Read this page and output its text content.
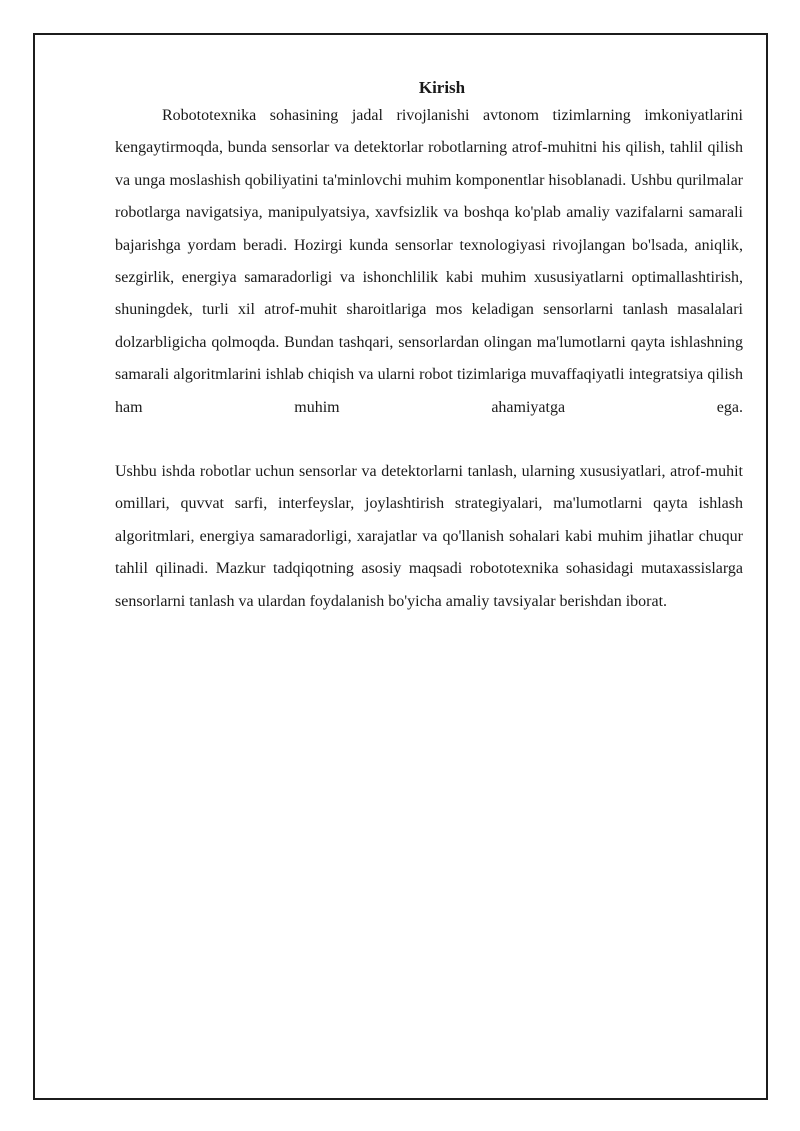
Kirish

Robototexnika sohasining jadal rivojlanishi avtonom tizimlarning imkoniyatlarini kengaytirmoqda, bunda sensorlar va detektorlar robotlarning atrof-muhitni his qilish, tahlil qilish va unga moslashish qobiliyatini ta'minlovchi muhim komponentlar hisoblanadi. Ushbu qurilmalar robotlarga navigatsiya, manipulyatsiya, xavfsizlik va boshqa ko'plab amaliy vazifalarni samarali bajarishga yordam beradi. Hozirgi kunda sensorlar texnologiyasi rivojlangan bo'lsada, aniqlik, sezgirlik, energiya samaradorligi va ishonchlilik kabi muhim xususiyatlarni optimallashtirish, shuningdek, turli xil atrof-muhit sharoitlariga mos keladigan sensorlarni tanlash masalalari dolzarbligicha qolmoqda. Bundan tashqari, sensorlardan olingan ma'lumotlarni qayta ishlashning samarali algoritmlarini ishlab chiqish va ularni robot tizimlariga muvaffaqiyatli integratsiya qilish ham muhim ahamiyatga ega.

Ushbu ishda robotlar uchun sensorlar va detektorlarni tanlash, ularning xususiyatlari, atrof-muhit omillari, quvvat sarfi, interfeyslar, joylashtirish strategiyalari, ma'lumotlarni qayta ishlash algoritmlari, energiya samaradorligi, xarajatlar va qo'llanish sohalari kabi muhim jihatlar chuqur tahlil qilinadi. Mazkur tadqiqotning asosiy maqsadi robototexnika sohasidagi mutaxassislarga sensorlarni tanlash va ulardan foydalanish bo'yicha amaliy tavsiyalar berishdan iborat.
